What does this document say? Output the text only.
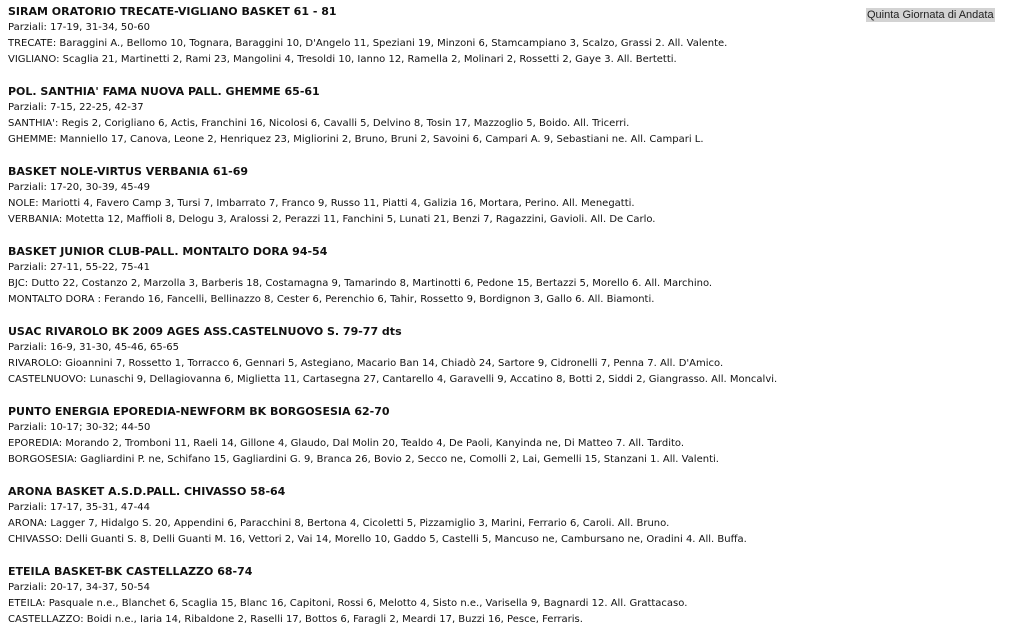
SIRAM ORATORIO TRECATE-VIGLIANO BASKET 61 - 81
Parziali: 17-19, 31-34, 50-60
TRECATE: Baraggini A., Bellomo 10, Tognara, Baraggini 10, D'Angelo 11, Speziani 19, Minzoni 6, Stamcampiano 3, Scalzo, Grassi 2. All. Valente.
VIGLIANO: Scaglia 21, Martinetti 2, Rami 23, Mangolini 4, Tresoldi 10, Ianno 12, Ramella 2, Molinari 2, Rossetti 2, Gaye 3. All. Bertetti.
POL. SANTHIA' FAMA NUOVA PALL. GHEMME 65-61
Parziali: 7-15, 22-25, 42-37
SANTHIA': Regis 2, Corigliano 6, Actis, Franchini 16, Nicolosi 6, Cavalli 5, Delvino 8, Tosin 17, Mazzoglio 5, Boido. All. Tricerri.
GHEMME: Manniello 17, Canova, Leone 2, Henriquez 23, Migliorini 2, Bruno, Bruni 2, Savoini 6, Campari A. 9, Sebastiani ne. All. Campari L.
BASKET NOLE-VIRTUS VERBANIA 61-69
Parziali: 17-20, 30-39, 45-49
NOLE: Mariotti 4, Favero Camp 3, Tursi 7, Imbarrato 7, Franco 9, Russo 11, Piatti 4, Galizia 16, Mortara, Perino. All. Menegatti.
VERBANIA: Motetta 12, Maffioli 8, Delogu 3, Aralossi 2, Perazzi 11, Fanchini 5, Lunati 21, Benzi 7, Ragazzini, Gavioli. All. De Carlo.
BASKET JUNIOR CLUB-PALL. MONTALTO DORA 94-54
Parziali: 27-11, 55-22, 75-41
BJC: Dutto 22, Costanzo 2, Marzolla 3, Barberis 18, Costamagna 9, Tamarindo 8, Martinotti 6, Pedone 15, Bertazzi 5, Morello 6. All. Marchino.
MONTALTO DORA : Ferando 16, Fancelli, Bellinazzo 8, Cester 6, Perenchio 6, Tahir, Rossetto 9, Bordignon 3, Gallo 6. All. Biamonti.
USAC RIVAROLO BK 2009 AGES ASS.CASTELNUOVO S. 79-77 dts
Parziali: 16-9, 31-30, 45-46, 65-65
RIVAROLO: Gioannini 7, Rossetto 1, Torracco 6, Gennari 5, Astegiano, Macario Ban 14, Chiadò 24, Sartore 9, Cidronelli 7, Penna 7. All. D'Amico.
CASTELNUOVO: Lunaschi 9, Dellagiovanna 6, Miglietta 11, Cartasegna 27, Cantarello 4, Garavelli 9, Accatino 8, Botti 2, Siddi 2, Giangrasso. All. Moncalvi.
PUNTO ENERGIA EPOREDIA-NEWFORM BK BORGOSESIA 62-70
Parziali: 10-17; 30-32; 44-50
EPOREDIA: Morando 2, Tromboni 11, Raeli 14, Gillone 4, Glaudo, Dal Molin 20, Tealdo 4, De Paoli, Kanyinda ne, Di Matteo 7. All. Tardito.
BORGOSESIA: Gagliardini P. ne, Schifano 15, Gagliardini G. 9, Branca 26, Bovio 2, Secco ne, Comolli 2, Lai, Gemelli 15, Stanzani 1. All. Valenti.
ARONA BASKET A.S.D.PALL. CHIVASSO 58-64
Parziali: 17-17, 35-31, 47-44
ARONA: Lagger 7, Hidalgo S. 20, Appendini 6, Paracchini 8, Bertona 4, Cicoletti 5, Pizzamiglio 3, Marini, Ferrario 6, Caroli. All. Bruno.
CHIVASSO: Delli Guanti S. 8, Delli Guanti M. 16, Vettori 2, Vai 14, Morello 10, Gaddo 5, Castelli 5, Mancuso ne, Cambursano ne, Oradini 4. All. Buffa.
ETEILA BASKET-BK CASTELLAZZO 68-74
Parziali: 20-17, 34-37, 50-54
ETEILA: Pasquale n.e., Blanchet 6, Scaglia 15, Blanc 16, Capitoni, Rossi 6, Melotto 4, Sisto n.e., Varisella 9, Bagnardi 12. All. Grattacaso.
CASTELLAZZO: Boidi n.e., Iaria 14, Ribaldone 2, Raselli 17, Bottos 6, Faragli 2, Meardi 17, Buzzi 16, Pesce, Ferraris.
Quinta Giornata di Andata
